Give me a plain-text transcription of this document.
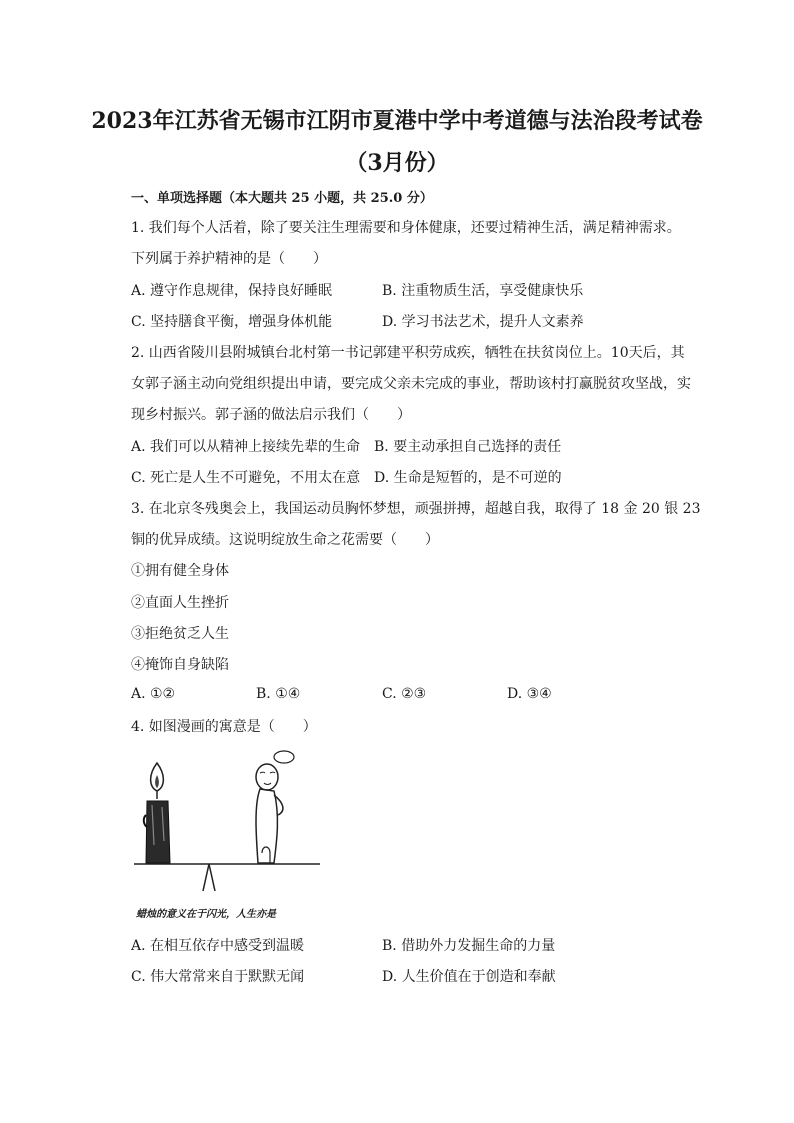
2023年江苏省无锡市江阴市夏港中学中考道德与法治段考试卷
（3月份）
一、单项选择题（本大题共 25 小题，共 25.0 分）
1. 我们每个人活着，除了要关注生理需要和身体健康，还要过精神生活，满足精神需求。
下列属于养护精神的是（　　）
A. 遵守作息规律，保持良好睡眠	B. 注重物质生活，享受健康快乐
C. 坚持膳食平衡，增强身体机能	D. 学习书法艺术，提升人文素养
2. 山西省陵川县附城镇台北村第一书记郭建平积劳成疾，牺牲在扶贫岗位上。10天后，其
女郭子涵主动向党组织提出申请，要完成父亲未完成的事业，帮助该村打赢脱贫攻坚战，实
现乡村振兴。郭子涵的做法启示我们（　　）
A. 我们可以从精神上接续先辈的生命 B. 要主动承担自己选择的责任
C. 死亡是人生不可避免，不用太在意 D. 生命是短暂的，是不可逆的
3. 在北京冬残奥会上，我国运动员胸怀梦想，顽强拼搏，超越自我，取得了 18 金 20 银 23
铜的优异成绩。这说明绽放生命之花需要（　　）
①拥有健全身体
②直面人生挫折
③拒绝贫乏人生
④掩饰自身缺陷
A. ①②	B. ①④	C. ②③	D. ③④
4. 如图漫画的寓意是（　　）
蜡烛的意义在于闪光，人生亦是
A. 在相互依存中感受到温暖	B. 借助外力发掘生命的力量
C. 伟大常常来自于默默无闻	D. 人生价值在于创造和奉献
